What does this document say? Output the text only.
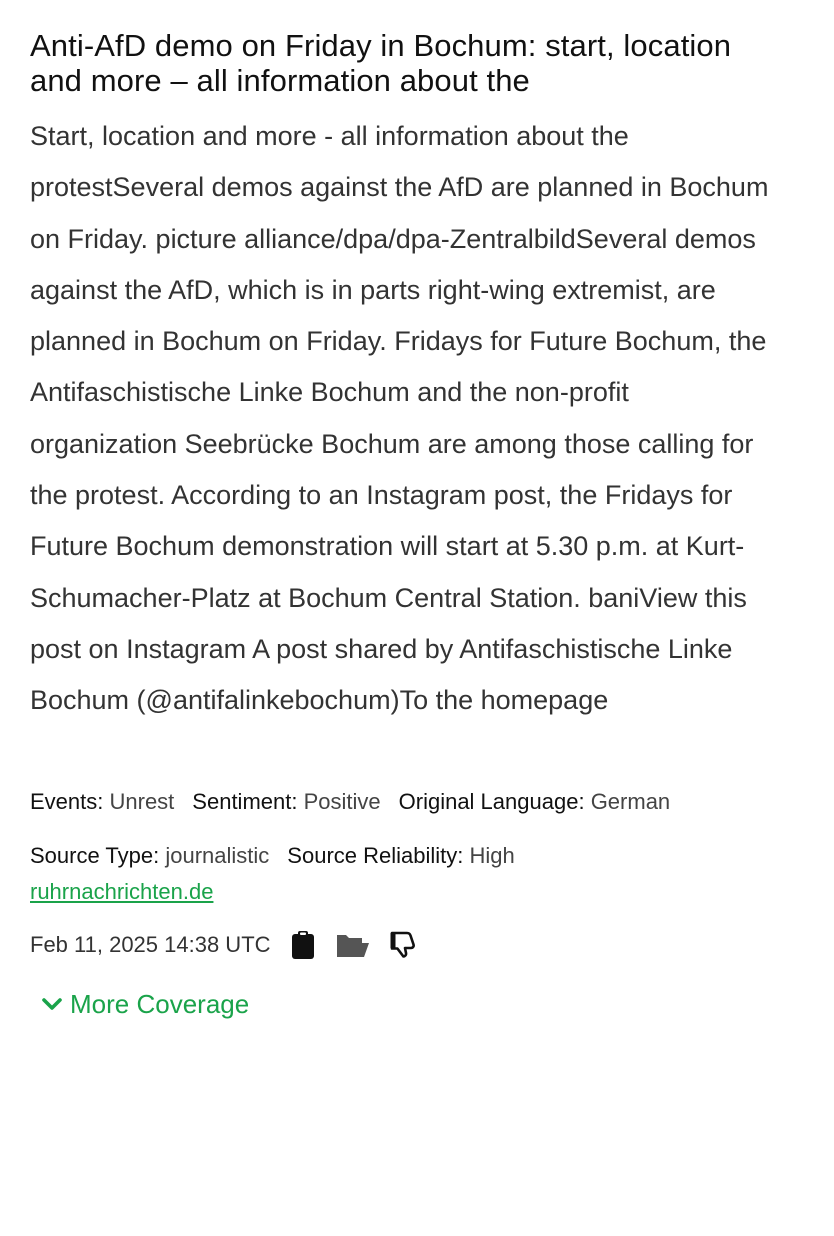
Anti-AfD demo on Friday in Bochum: start, location and more – all information about the

Start, location and more - all information about the protestSeveral demos against the AfD are planned in Bochum on Friday. picture alliance/dpa/dpa-ZentralbildSeveral demos against the AfD, which is in parts right-wing extremist, are planned in Bochum on Friday. Fridays for Future Bochum, the Antifaschistische Linke Bochum and the non-profit organization Seebrücke Bochum are among those calling for the protest. According to an Instagram post, the Fridays for Future Bochum demonstration will start at 5.30 p.m. at Kurt-Schumacher-Platz at Bochum Central Station. baniView this post on Instagram A post shared by Antifaschistische Linke Bochum (@antifalinkebochum)To the homepage

Events: Unrest Sentiment: Positive Original Language: German
Source Type: journalistic Source Reliability: High
ruhrnachrichten.de
Feb 11, 2025 14:38 UTC
More Coverage
